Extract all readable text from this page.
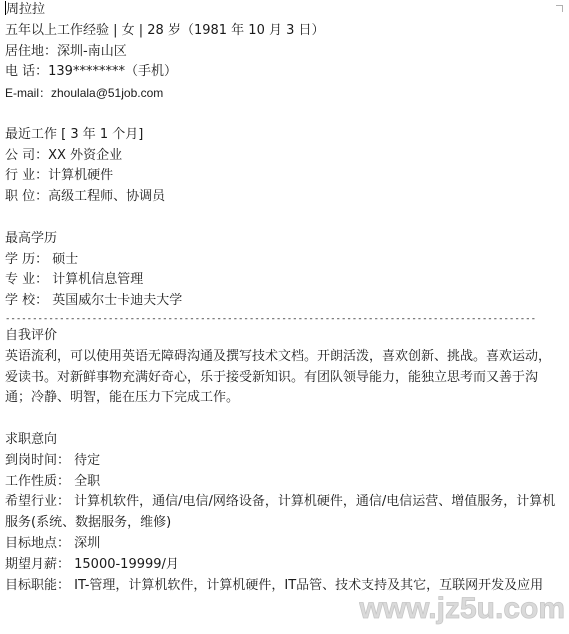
周拉拉
五年以上工作经验 | 女 | 28 岁（1981 年 10 月 3 日）
居住地：深圳-南山区
电 话：139********（手机）
E-mail：zhoulala@51job.com
最近工作 [ 3 年 1 个月]
公 司：XX 外资企业
行 业：计算机硬件
职 位：高级工程师、协调员
最高学历
学 历： 硕士
专 业： 计算机信息管理
学 校： 英国威尔士卡迪夫大学
--------------------------------------------------------------------------------------------------
自我评价
英语流利，可以使用英语无障碍沟通及撰写技术文档。开朗活泼，喜欢创新、挑战。喜欢运动，爱读书。对新鲜事物充满好奇心，乐于接受新知识。有团队领导能力，能独立思考而又善于沟通；冷静、明智，能在压力下完成工作。
求职意向
到岗时间： 待定
工作性质： 全职
希望行业： 计算机软件，通信/电信/网络设备，计算机硬件，通信/电信运营、增值服务，计算机服务(系统、数据服务，维修)
目标地点： 深圳
期望月薪： 15000-19999/月
目标职能： IT-管理，计算机软件，计算机硬件，IT品管、技术支持及其它，互联网开发及应用
www.jz5u.com
